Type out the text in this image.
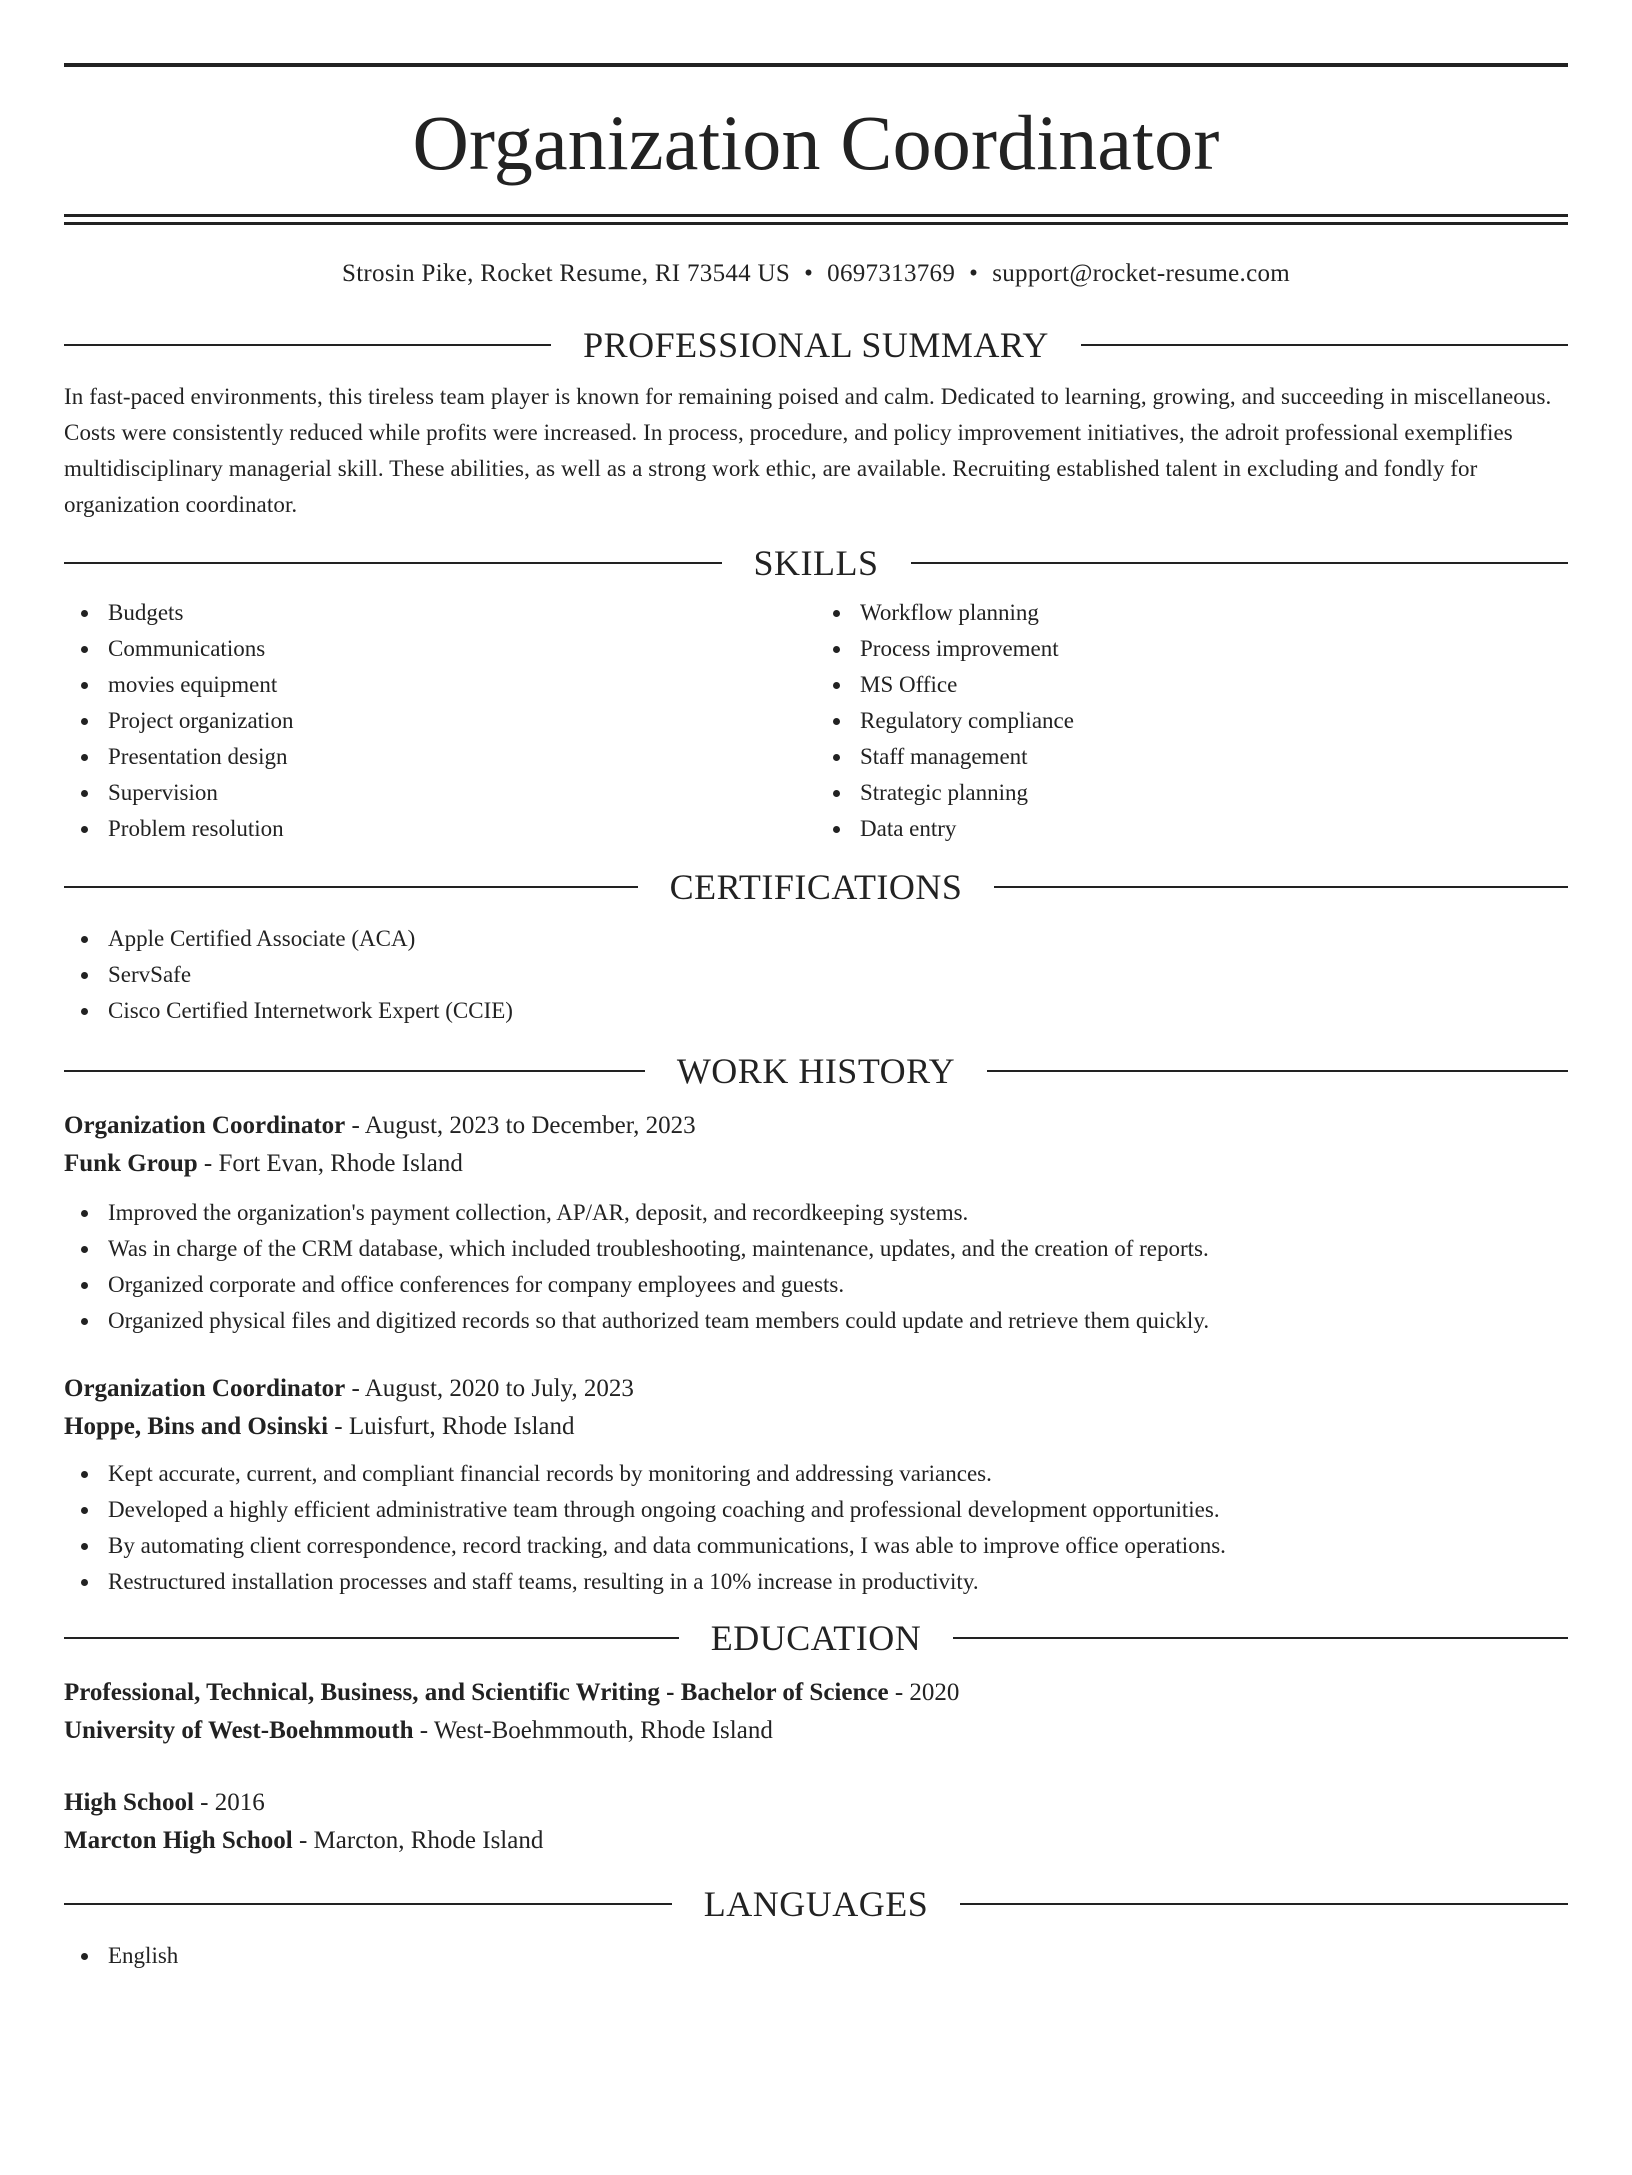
Organization Coordinator
Strosin Pike, Rocket Resume, RI 73544 US • 0697313769 • support@rocket-resume.com
PROFESSIONAL SUMMARY

In fast-paced environments, this tireless team player is known for remaining poised and calm. Dedicated to learning, growing, and succeeding in miscellaneous. Costs were consistently reduced while profits were increased. In process, procedure, and policy improvement initiatives, the adroit professional exemplifies multidisciplinary managerial skill. These abilities, as well as a strong work ethic, are available. Recruiting established talent in excluding and fondly for organization coordinator.

SKILLS
Budgets
Communications
movies equipment
Project organization
Presentation design
Supervision
Problem resolution
Workflow planning
Process improvement
MS Office
Regulatory compliance
Staff management
Strategic planning
Data entry
CERTIFICATIONS
Apple Certified Associate (ACA)
ServSafe
Cisco Certified Internetwork Expert (CCIE)
WORK HISTORY
Organization Coordinator - August, 2023 to December, 2023
Funk Group - Fort Evan, Rhode Island
Improved the organization's payment collection, AP/AR, deposit, and recordkeeping systems.
Was in charge of the CRM database, which included troubleshooting, maintenance, updates, and the creation of reports.
Organized corporate and office conferences for company employees and guests.
Organized physical files and digitized records so that authorized team members could update and retrieve them quickly.
Organization Coordinator - August, 2020 to July, 2023
Hoppe, Bins and Osinski - Luisfurt, Rhode Island
Kept accurate, current, and compliant financial records by monitoring and addressing variances.
Developed a highly efficient administrative team through ongoing coaching and professional development opportunities.
By automating client correspondence, record tracking, and data communications, I was able to improve office operations.
Restructured installation processes and staff teams, resulting in a 10% increase in productivity.
EDUCATION
Professional, Technical, Business, and Scientific Writing - Bachelor of Science - 2020
University of West-Boehmmouth - West-Boehmmouth, Rhode Island
High School - 2016
Marcton High School - Marcton, Rhode Island
LANGUAGES
English
